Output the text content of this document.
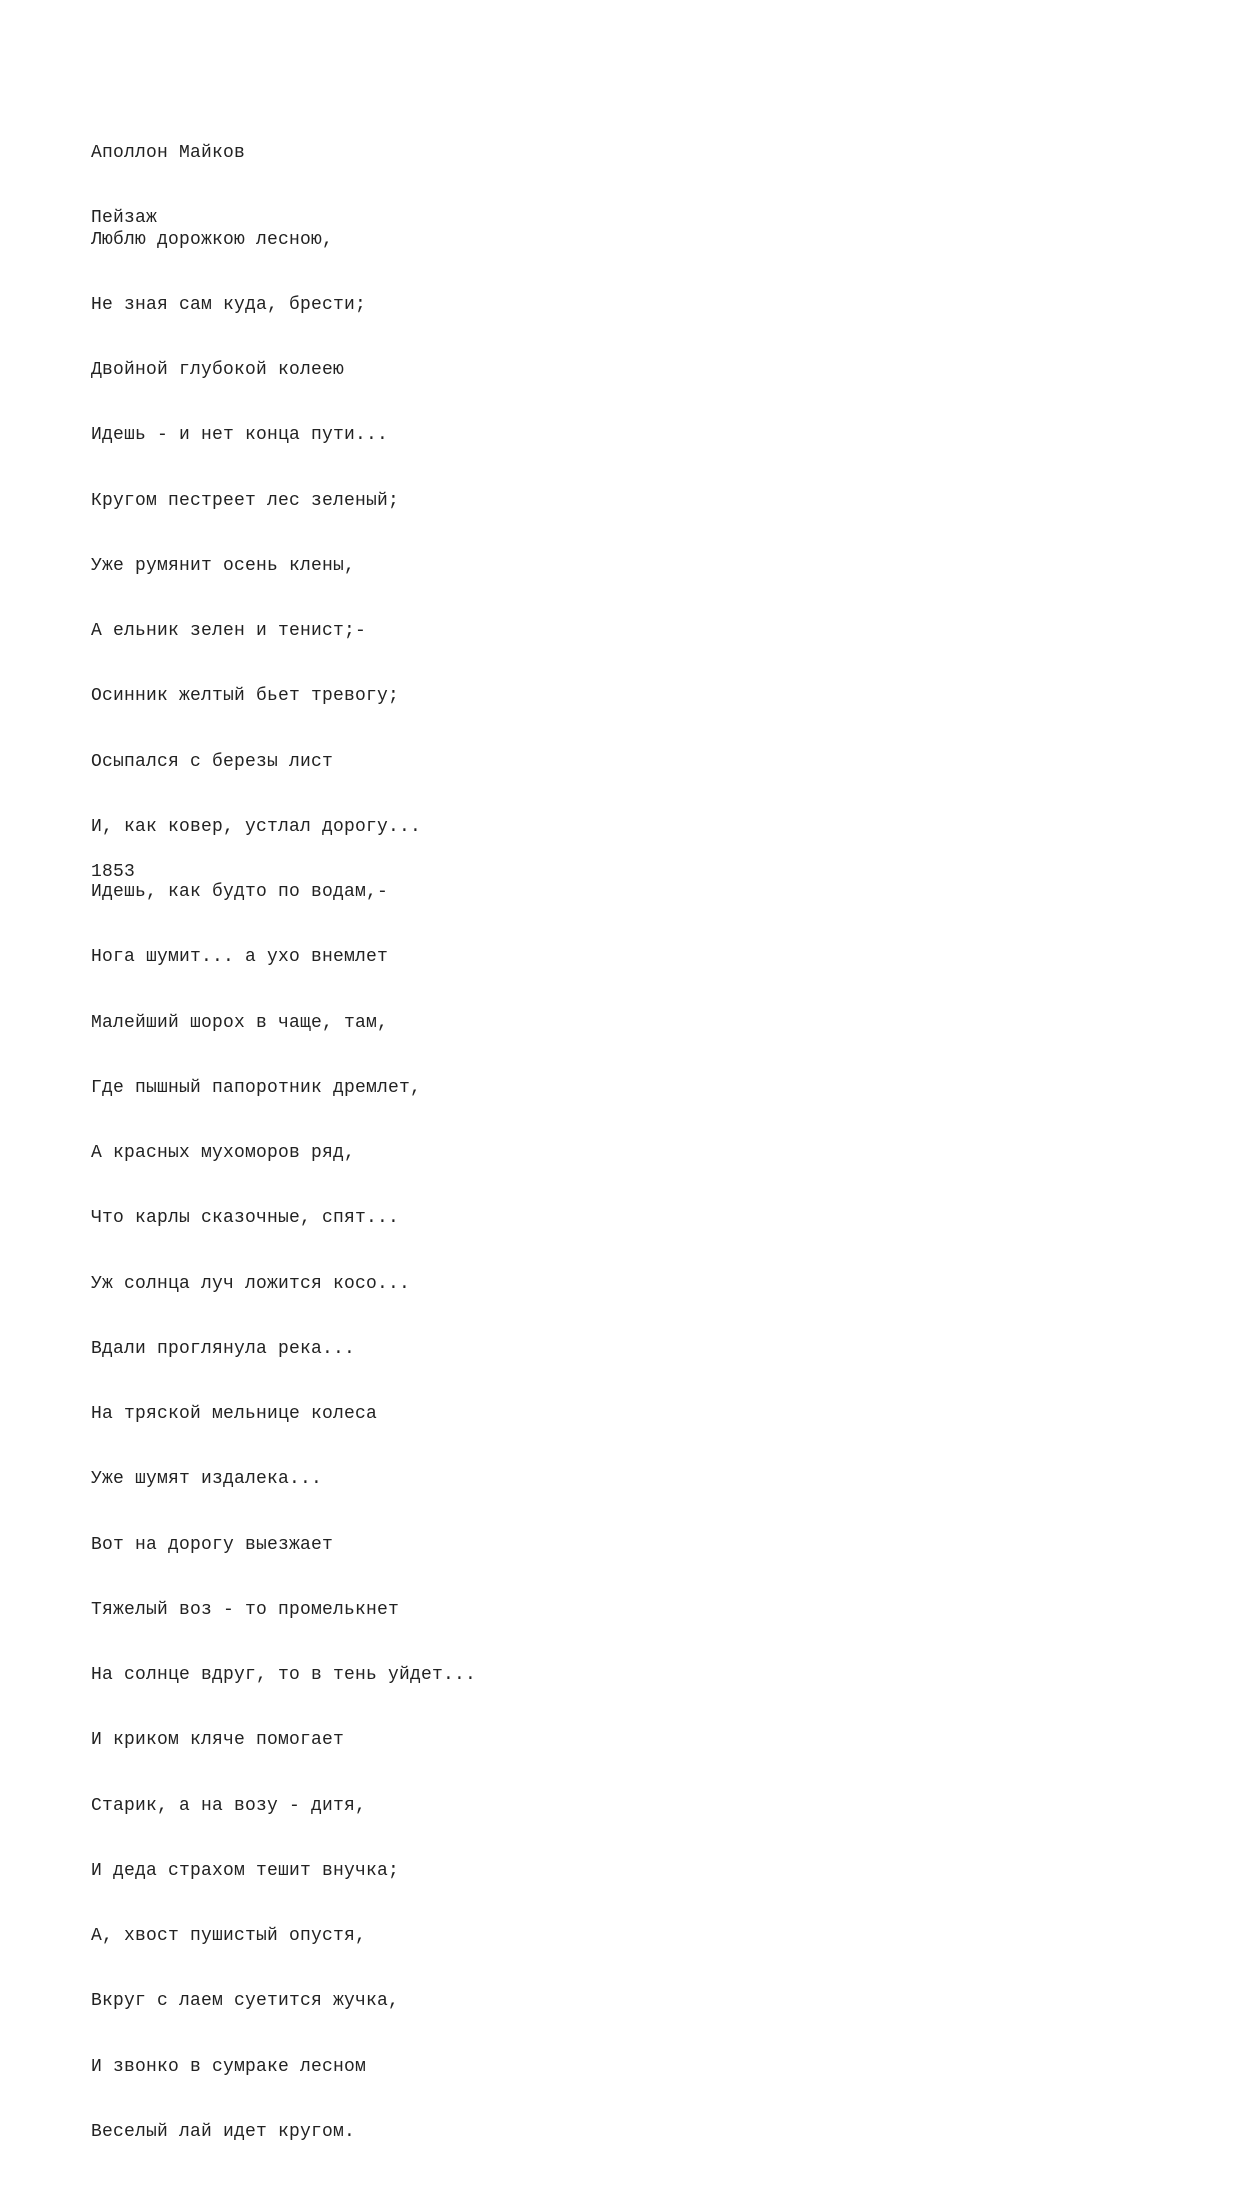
Аполлон Майков

Пейзаж

Люблю дорожкою лесною,

Не зная сам куда, брести;

Двойной глубокой колеею

Идешь - и нет конца пути...

Кругом пестреет лес зеленый;

Уже румянит осень клены,

А ельник зелен и тенист;-

Осинник желтый бьет тревогу;

Осыпался с березы лист

И, как ковер, устлал дорогу...

Идешь, как будто по водам,-

Нога шумит... а ухо внемлет

Малейший шорох в чаще, там,

Где пышный папоротник дремлет,

А красных мухоморов ряд,

Что карлы сказочные, спят...

Уж солнца луч ложится косо...

Вдали проглянула река...

На тряской мельнице колеса

Уже шумят издалека...

Вот на дорогу выезжает

Тяжелый воз - то промелькнет

На солнце вдруг, то в тень уйдет...

И криком кляче помогает

Старик, а на возу - дитя,

И деда страхом тешит внучка;

А, хвост пушистый опустя,

Вкруг с лаем суетится жучка,

И звонко в сумраке лесном

Веселый лай идет кругом.

1853
